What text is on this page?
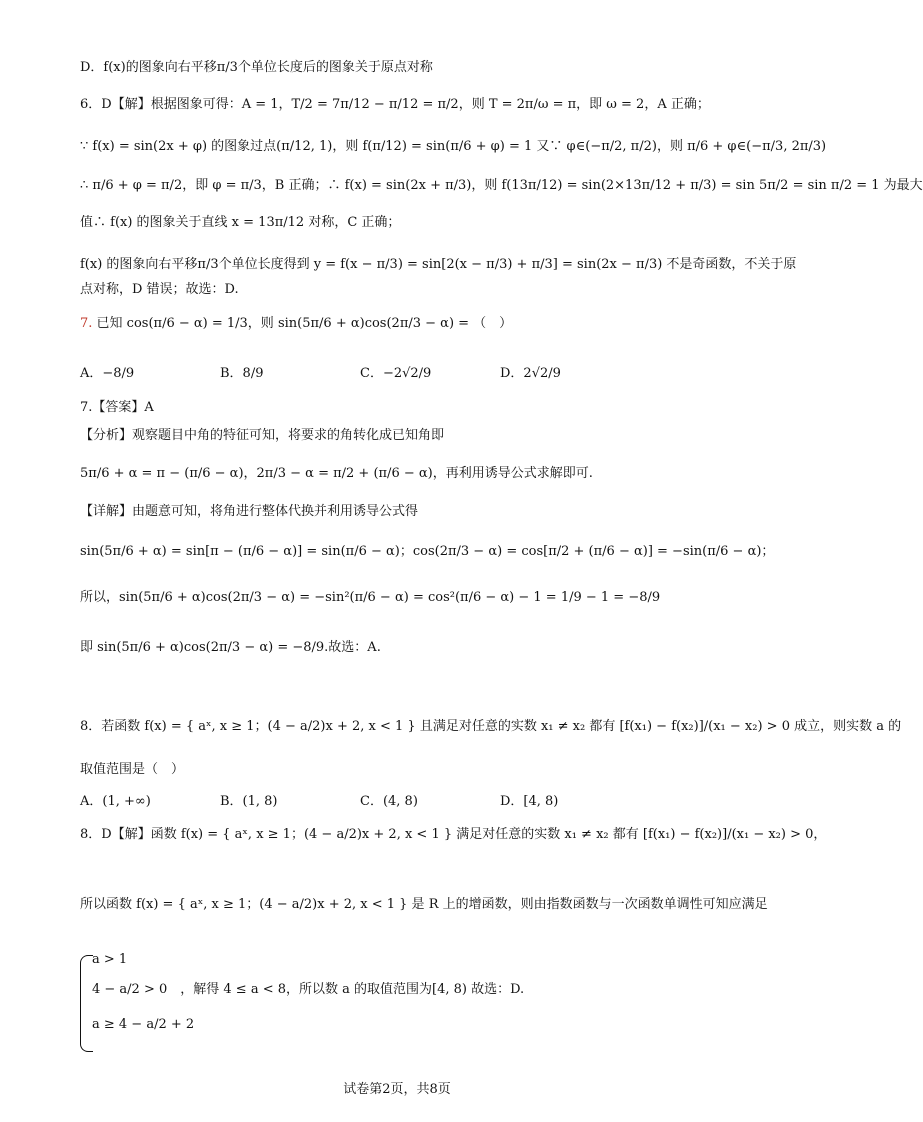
D．f(x)的图象向右平移π/3个单位长度后的图象关于原点对称
6．D【解】根据图象可得：A = 1，T/2 = 7π/12 − π/12 = π/2，则 T = 2π/ω = π，即 ω = 2，A 正确；
∵ f(x) = sin(2x + φ) 的图象过点(π/12, 1)，则 f(π/12) = sin(π/6 + φ) = 1 又∵ φ∈(−π/2, π/2)，则 π/6 + φ∈(−π/3, 2π/3)
∴ π/6 + φ = π/2，即 φ = π/3，B 正确；∴ f(x) = sin(2x + π/3)，则 f(13π/12) = sin(2×13π/12 + π/3) = sin 5π/2 = sin π/2 = 1 为最大
值∴ f(x) 的图象关于直线 x = 13π/12 对称，C 正确；
f(x) 的图象向右平移π/3个单位长度得到 y = f(x − π/3) = sin[2(x − π/3) + π/3] = sin(2x − π/3) 不是奇函数，不关于原
点对称，D 错误；故选：D.
7. 已知 cos(π/6 − α) = 1/3，则 sin(5π/6 + α)cos(2π/3 − α) = （　）
A．−8/9	B．8/9	C．−2√2/9	D．2√2/9
7.【答案】A
【分析】观察题目中角的特征可知，将要求的角转化成已知角即
5π/6 + α = π − (π/6 − α)，2π/3 − α = π/2 + (π/6 − α)，再利用诱导公式求解即可.
【详解】由题意可知，将角进行整体代换并利用诱导公式得
sin(5π/6 + α) = sin[π − (π/6 − α)] = sin(π/6 − α)；cos(2π/3 − α) = cos[π/2 + (π/6 − α)] = −sin(π/6 − α)；
所以，sin(5π/6 + α)cos(2π/3 − α) = −sin²(π/6 − α) = cos²(π/6 − α) − 1 = 1/9 − 1 = −8/9
即 sin(5π/6 + α)cos(2π/3 − α) = −8/9.故选：A.
8．若函数 f(x) = { aˣ, x ≥ 1；(4 − a/2)x + 2, x < 1 } 且满足对任意的实数 x₁ ≠ x₂ 都有 [f(x₁) − f(x₂)]/(x₁ − x₂) > 0 成立，则实数 a 的
取值范围是（　）
A．(1, +∞)	B．(1, 8)	C．(4, 8)	D．[4, 8)
8．D【解】函数 f(x) = { aˣ, x ≥ 1；(4 − a/2)x + 2, x < 1 } 满足对任意的实数 x₁ ≠ x₂ 都有 [f(x₁) − f(x₂)]/(x₁ − x₂) > 0，
所以函数 f(x) = { aˣ, x ≥ 1；(4 − a/2)x + 2, x < 1 } 是 R 上的增函数，则由指数函数与一次函数单调性可知应满足
a > 1
4 − a/2 > 0　，解得 4 ≤ a < 8，所以数 a 的取值范围为[4, 8) 故选：D.
a ≥ 4 − a/2 + 2
试卷第2页，共8页
